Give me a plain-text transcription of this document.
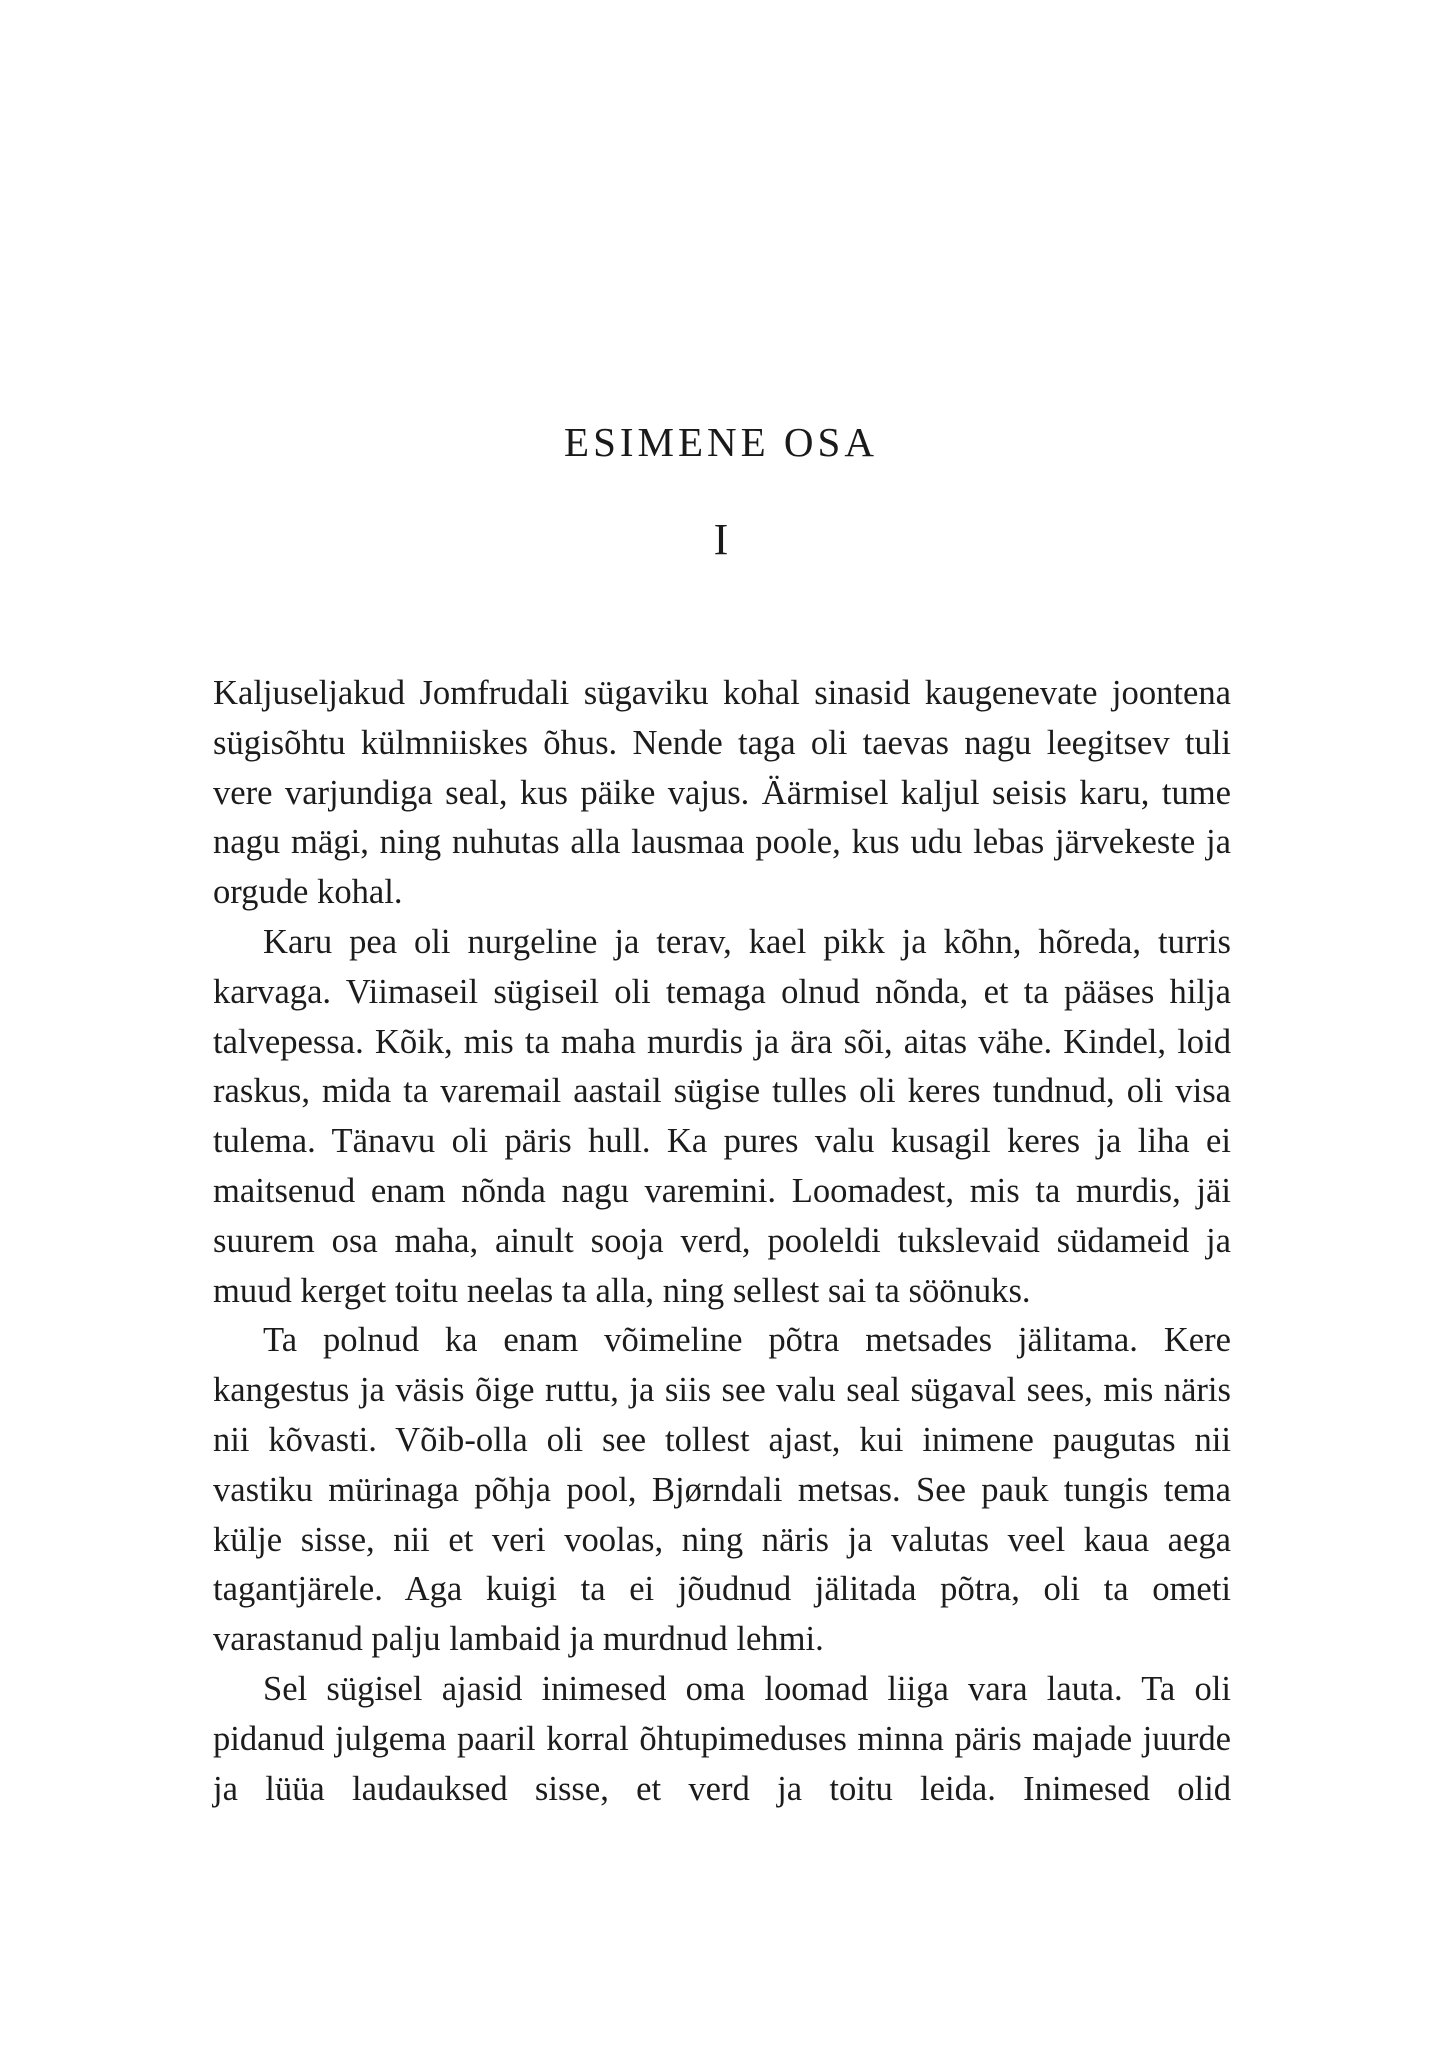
ESIMENE OSA
I

Kaljuseljakud Jomfrudali sügaviku kohal sinasid kaugenevate joontena sügisõhtu külmniiskes õhus. Nende taga oli taevas nagu leegitsev tuli vere varjundiga seal, kus päike vajus. Äärmisel kaljul seisis karu, tume nagu mägi, ning nuhutas alla lausmaa poole, kus udu lebas järvekeste ja orgude kohal.

Karu pea oli nurgeline ja terav, kael pikk ja kõhn, hõreda, turris karvaga. Viimaseil sügiseil oli temaga olnud nõnda, et ta pääses hilja talvepessa. Kõik, mis ta maha murdis ja ära sõi, aitas vähe. Kindel, loid raskus, mida ta varemail aastail sügise tulles oli keres tundnud, oli visa tulema. Tänavu oli päris hull. Ka pures valu kusagil keres ja liha ei maitsenud enam nõnda nagu varemini. Loomadest, mis ta murdis, jäi suurem osa maha, ainult sooja verd, pooleldi tukslevaid südameid ja muud kerget toitu neelas ta alla, ning sellest sai ta söönuks.

Ta polnud ka enam võimeline põtra metsades jälitama. Kere kangestus ja väsis õige ruttu, ja siis see valu seal sügaval sees, mis näris nii kõvasti. Võib-olla oli see tollest ajast, kui inimene paugutas nii vastiku mürinaga põhja pool, Bjørndali metsas. See pauk tungis tema külje sisse, nii et veri voolas, ning näris ja valutas veel kaua aega tagantjärele. Aga kuigi ta ei jõudnud jälitada põtra, oli ta ometi varastanud palju lambaid ja murdnud lehmi.

Sel sügisel ajasid inimesed oma loomad liiga vara lauta. Ta oli pidanud julgema paaril korral õhtupimeduses minna päris majade juurde ja lüüa laudauksed sisse, et verd ja toitu leida. Inimesed olid
